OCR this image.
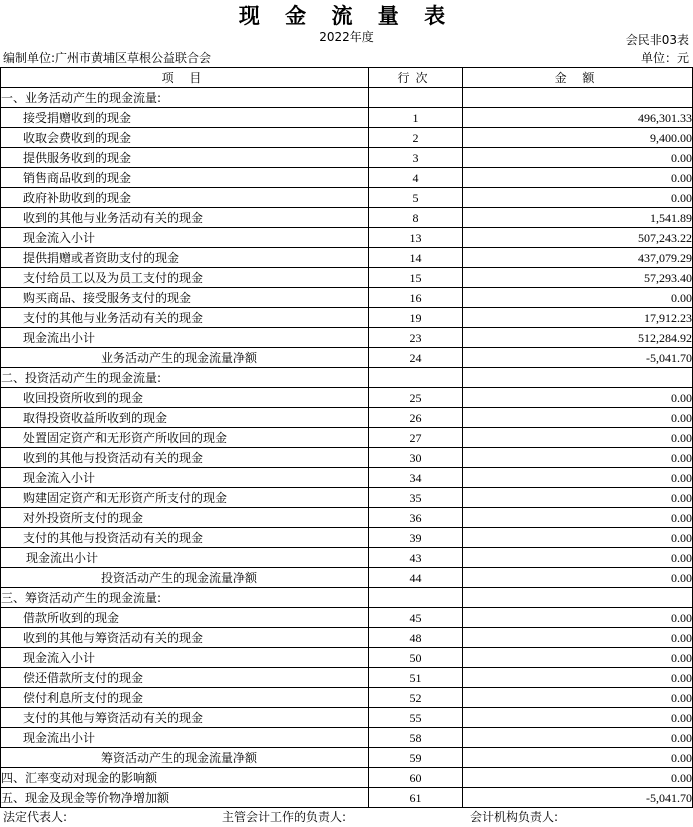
现 金 流 量 表
2022年度	会民非03表
编制单位:广州市黄埔区草根公益联合会	单位：元
项 目	行次	金 额
一、业务活动产生的现金流量:		
接受捐赠收到的现金	1	496,301.33
收取会费收到的现金	2	9,400.00
提供服务收到的现金	3	0.00
销售商品收到的现金	4	0.00
政府补助收到的现金	5	0.00
收到的其他与业务活动有关的现金	8	1,541.89
现金流入小计	13	507,243.22
提供捐赠或者资助支付的现金	14	437,079.29
支付给员工以及为员工支付的现金	15	57,293.40
购买商品、接受服务支付的现金	16	0.00
支付的其他与业务活动有关的现金	19	17,912.23
现金流出小计	23	512,284.92
业务活动产生的现金流量净额	24	-5,041.70
二、投资活动产生的现金流量:		
收回投资所收到的现金	25	0.00
取得投资收益所收到的现金	26	0.00
处置固定资产和无形资产所收回的现金	27	0.00
收到的其他与投资活动有关的现金	30	0.00
现金流入小计	34	0.00
购建固定资产和无形资产所支付的现金	35	0.00
对外投资所支付的现金	36	0.00
支付的其他与投资活动有关的现金	39	0.00
现金流出小计	43	0.00
投资活动产生的现金流量净额	44	0.00
三、筹资活动产生的现金流量:		
借款所收到的现金	45	0.00
收到的其他与筹资活动有关的现金	48	0.00
现金流入小计	50	0.00
偿还借款所支付的现金	51	0.00
偿付利息所支付的现金	52	0.00
支付的其他与筹资活动有关的现金	55	0.00
现金流出小计	58	0.00
筹资活动产生的现金流量净额	59	0.00
四、汇率变动对现金的影响额	60	0.00
五、现金及现金等价物净增加额	61	-5,041.70
法定代表人:	主管会计工作的负责人:	会计机构负责人:
